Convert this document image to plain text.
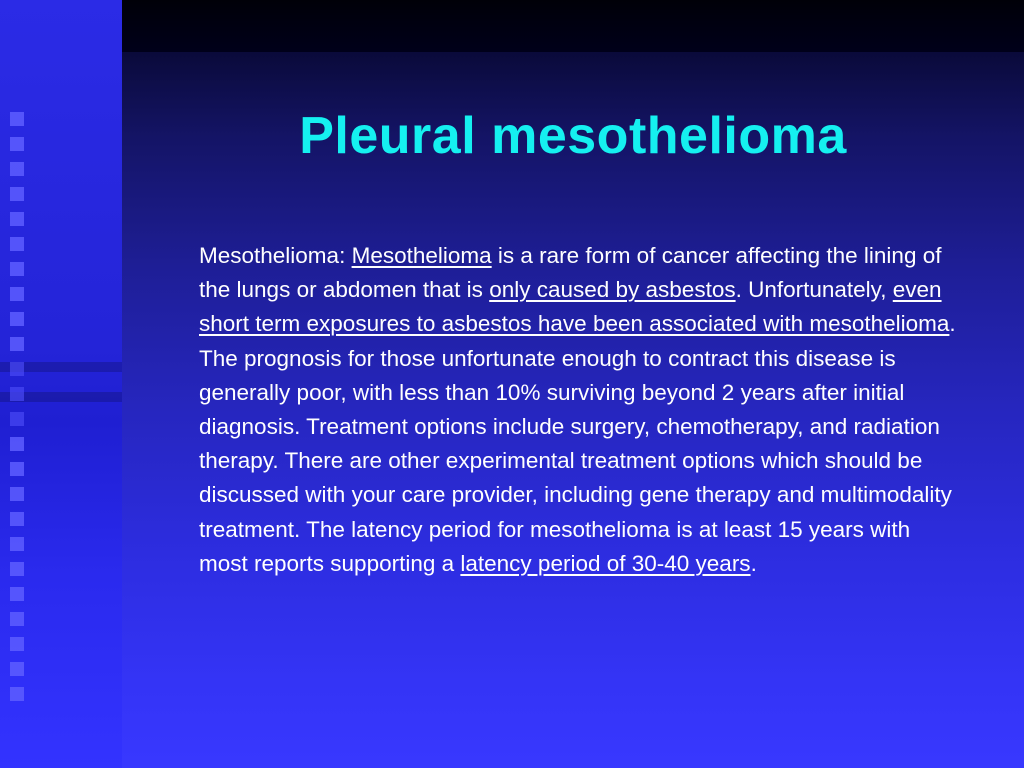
Pleural mesothelioma

Mesothelioma: Mesothelioma is a rare form of cancer affecting the lining of the lungs or abdomen that is only caused by asbestos. Unfortunately, even short term exposures to asbestos have been associated with mesothelioma. The prognosis for those unfortunate enough to contract this disease is generally poor, with less than 10% surviving beyond 2 years after initial diagnosis. Treatment options include surgery, chemotherapy, and radiation therapy. There are other experimental treatment options which should be discussed with your care provider, including gene therapy and multimodality treatment. The latency period for mesothelioma is at least 15 years with most reports supporting a latency period of 30-40 years.
